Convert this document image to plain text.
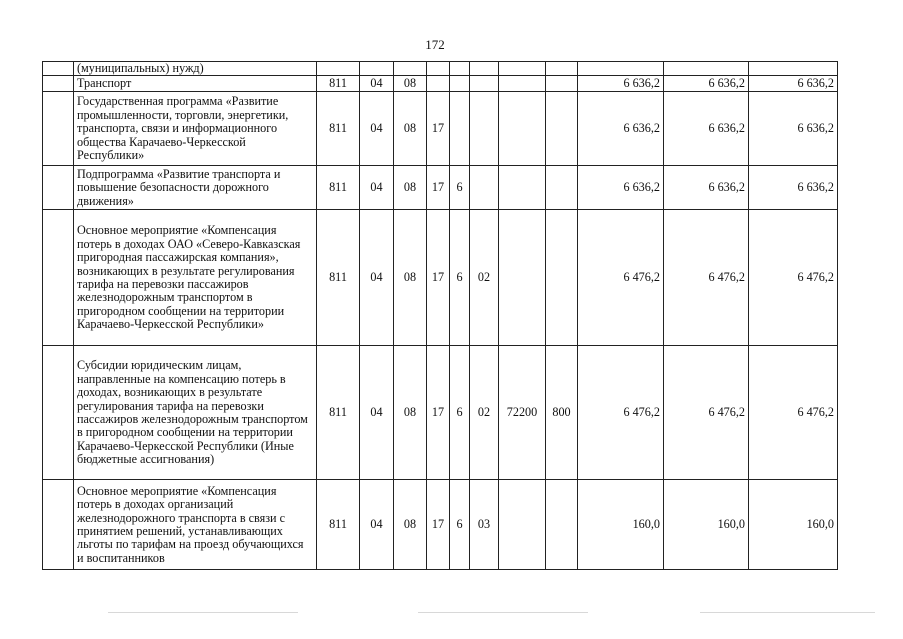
172
	(муниципальных) нужд)											
	Транспорт	811	04	08						6 636,2	6 636,2	6 636,2
	Государственная программа «Развитие промышленности, торговли, энергетики, транспорта, связи и информационного общества Карачаево-Черкесской Республики»	811	04	08	17					6 636,2	6 636,2	6 636,2
	Подпрограмма «Развитие транспорта и повышение безопасности дорожного движения»	811	04	08	17	6				6 636,2	6 636,2	6 636,2
	Основное мероприятие «Компенсация потерь в доходах ОАО «Северо-Кавказская пригородная пассажирская компания», возникающих в результате регулирования тарифа на перевозки пассажиров железнодорожным транспортом в пригородном сообщении на территории Карачаево-Черкесской Республики»	811	04	08	17	6	02			6 476,2	6 476,2	6 476,2
	Субсидии юридическим лицам, направленные на компенсацию потерь в доходах, возникающих в результате регулирования тарифа на перевозки пассажиров железнодорожным транспортом в пригородном сообщении на территории Карачаево-Черкесской Республики (Иные бюджетные ассигнования)	811	04	08	17	6	02	72200	800	6 476,2	6 476,2	6 476,2
	Основное мероприятие «Компенсация потерь в доходах организаций железнодорожного транспорта в связи с принятием решений, устанавливающих льготы по тарифам на проезд обучающихся и воспитанников	811	04	08	17	6	03			160,0	160,0	160,0
